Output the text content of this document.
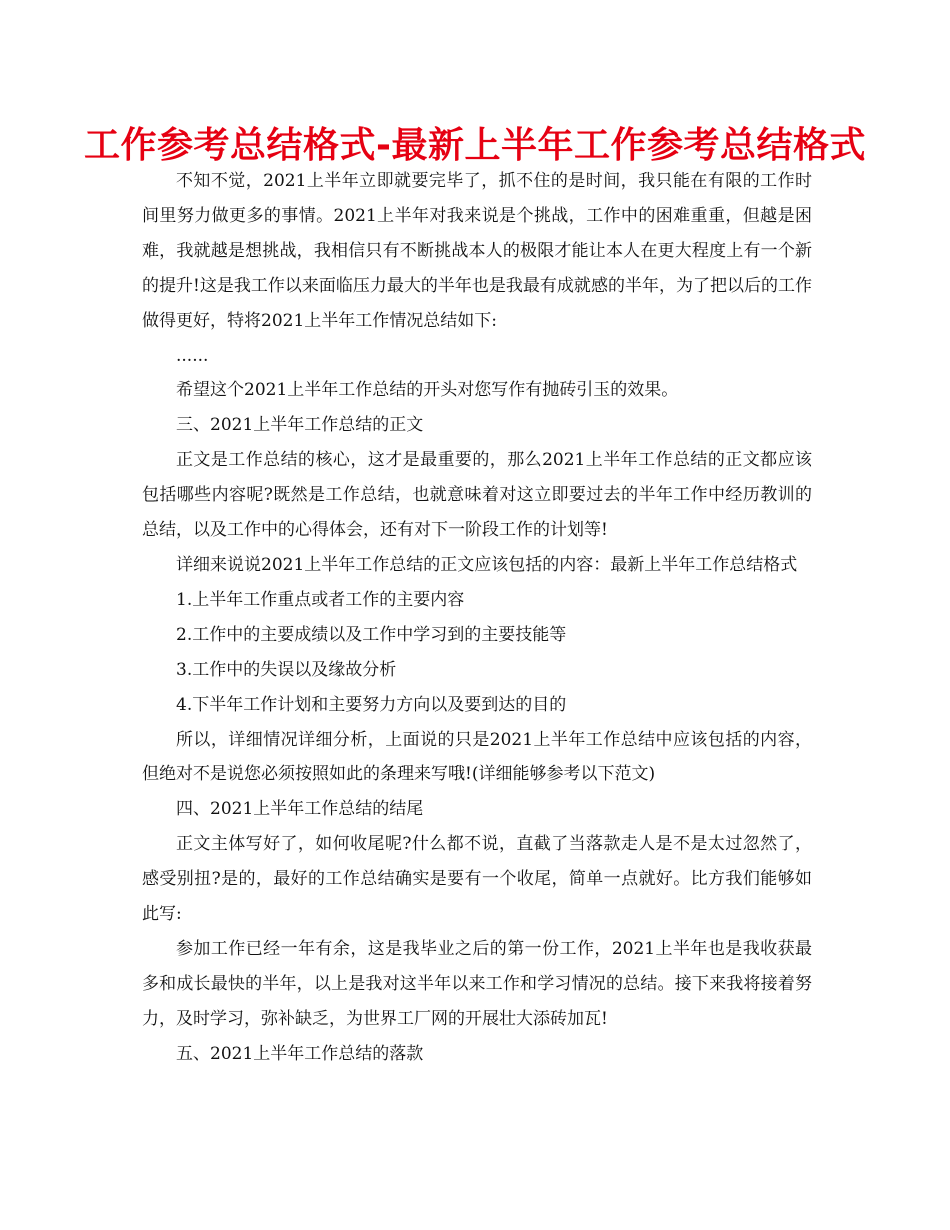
工作参考总结格式-最新上半年工作参考总结格式

不知不觉，2021上半年立即就要完毕了，抓不住的是时间，我只能在有限的工作时间里努力做更多的事情。2021上半年对我来说是个挑战，工作中的困难重重，但越是困难，我就越是想挑战，我相信只有不断挑战本人的极限才能让本人在更大程度上有一个新的提升!这是我工作以来面临压力最大的半年也是我最有成就感的半年，为了把以后的工作做得更好，特将2021上半年工作情况总结如下:

......

希望这个2021上半年工作总结的开头对您写作有抛砖引玉的效果。

三、2021上半年工作总结的正文

正文是工作总结的核心，这才是最重要的，那么2021上半年工作总结的正文都应该包括哪些内容呢?既然是工作总结，也就意味着对这立即要过去的半年工作中经历教训的总结，以及工作中的心得体会，还有对下一阶段工作的计划等!

详细来说说2021上半年工作总结的正文应该包括的内容：最新上半年工作总结格式

1.上半年工作重点或者工作的主要内容

2.工作中的主要成绩以及工作中学习到的主要技能等

3.工作中的失误以及缘故分析

4.下半年工作计划和主要努力方向以及要到达的目的

所以，详细情况详细分析，上面说的只是2021上半年工作总结中应该包括的内容，但绝对不是说您必须按照如此的条理来写哦!(详细能够参考以下范文)

四、2021上半年工作总结的结尾

正文主体写好了，如何收尾呢?什么都不说，直截了当落款走人是不是太过忽然了，感受别扭?是的，最好的工作总结确实是要有一个收尾，简单一点就好。比方我们能够如此写:

参加工作已经一年有余，这是我毕业之后的第一份工作，2021上半年也是我收获最多和成长最快的半年，以上是我对这半年以来工作和学习情况的总结。接下来我将接着努力，及时学习，弥补缺乏，为世界工厂网的开展壮大添砖加瓦!

五、2021上半年工作总结的落款
